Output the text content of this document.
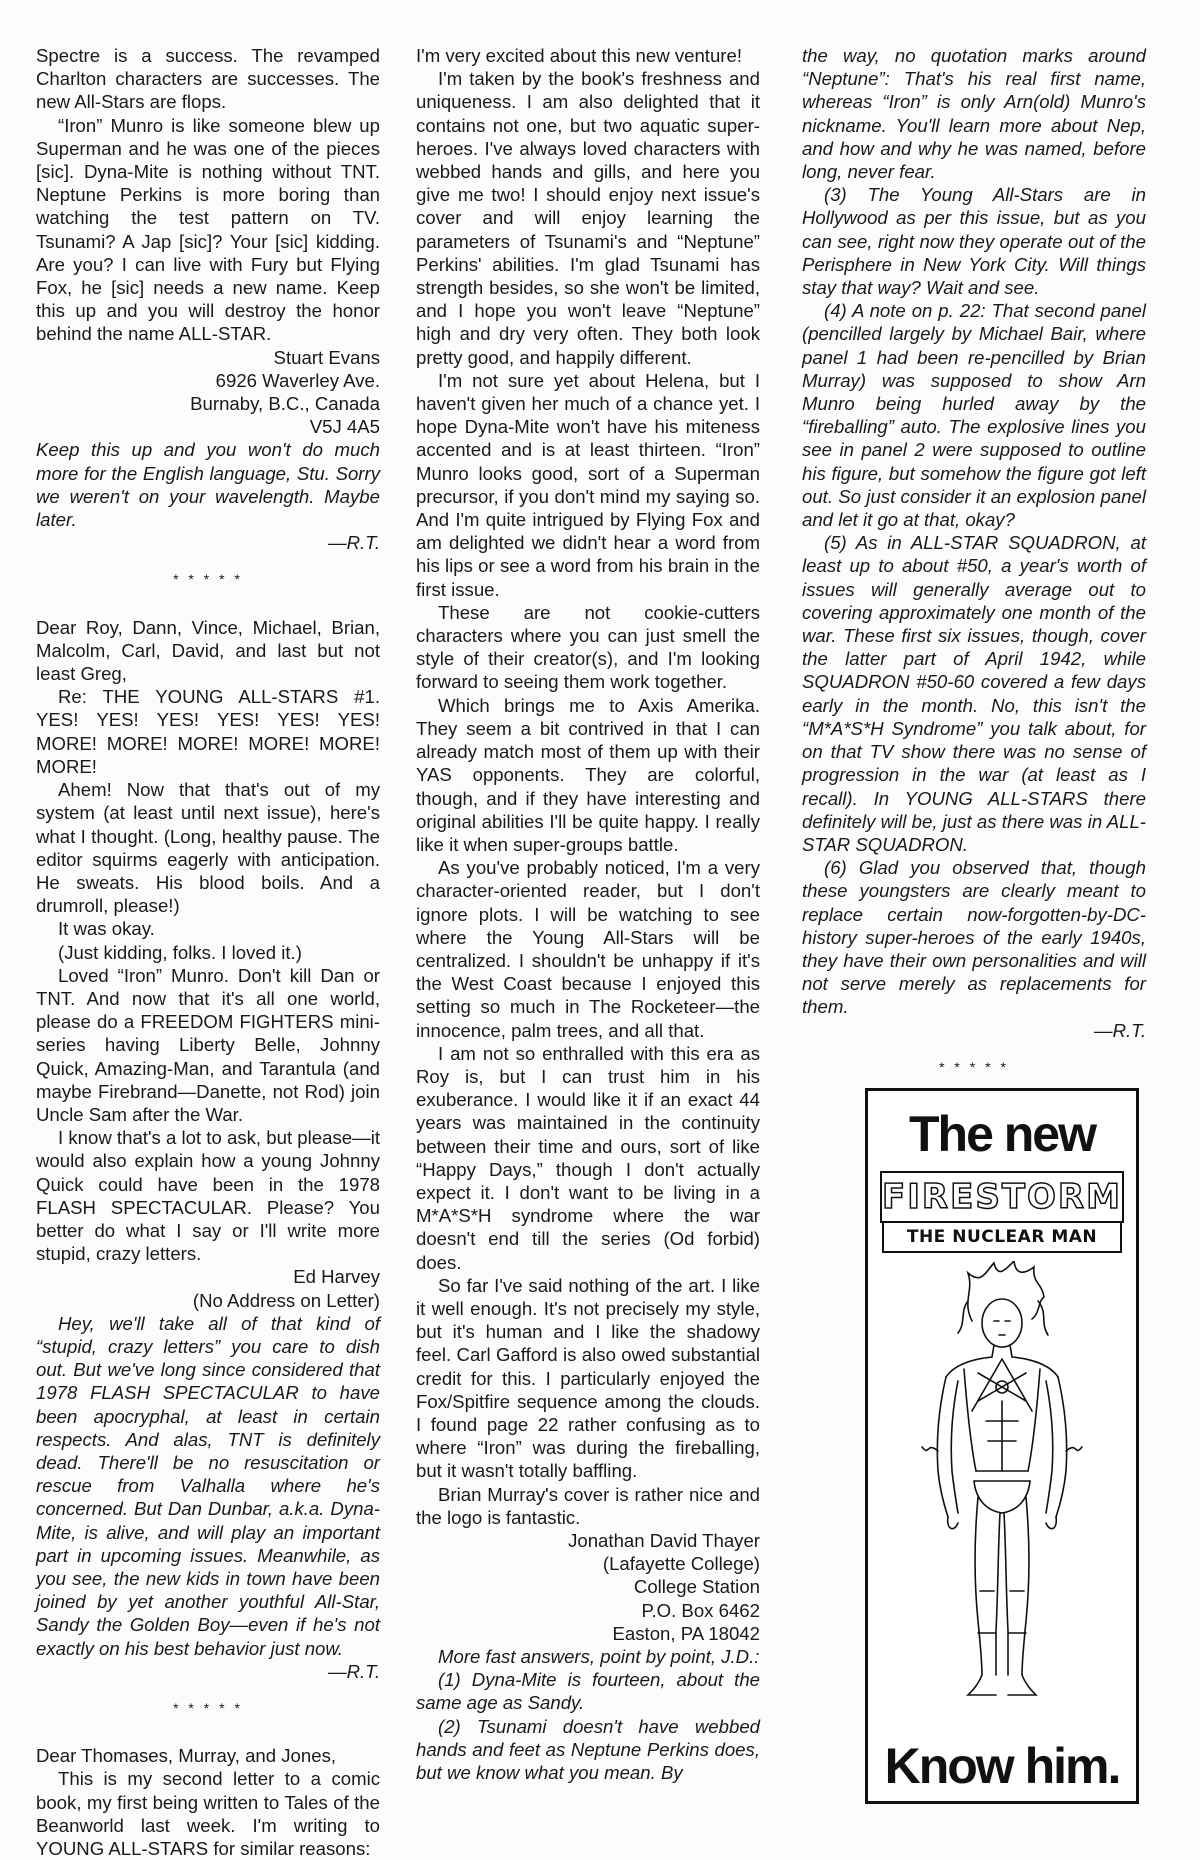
Spectre is a success. The revamped Charlton characters are successes. The new All-Stars are flops.

“Iron” Munro is like someone blew up Superman and he was one of the pieces [sic]. Dyna-Mite is nothing without TNT. Neptune Perkins is more boring than watching the test pattern on TV. Tsunami? A Jap [sic]? Your [sic] kidding. Are you? I can live with Fury but Flying Fox, he [sic] needs a new name. Keep this up and you will destroy the honor behind the name ALL-STAR.

Stuart Evans

6926 Waverley Ave.

Burnaby, B.C., Canada

V5J 4A5

Keep this up and you won't do much more for the English language, Stu. Sorry we weren't on your wavelength. Maybe later.

—R.T.

* * * * *

Dear Roy, Dann, Vince, Michael, Brian, Malcolm, Carl, David, and last but not least Greg,

Re: THE YOUNG ALL-STARS #1. YES! YES! YES! YES! YES! YES! MORE! MORE! MORE! MORE! MORE! MORE!

Ahem! Now that that's out of my system (at least until next issue), here's what I thought. (Long, healthy pause. The editor squirms eagerly with anticipation. He sweats. His blood boils. And a drumroll, please!)

It was okay.

(Just kidding, folks. I loved it.)

Loved “Iron” Munro. Don't kill Dan or TNT. And now that it's all one world, please do a FREEDOM FIGHTERS mini-series having Liberty Belle, Johnny Quick, Amazing-Man, and Tarantula (and maybe Firebrand—Danette, not Rod) join Uncle Sam after the War.

I know that's a lot to ask, but please—it would also explain how a young Johnny Quick could have been in the 1978 FLASH SPECTACULAR. Please? You better do what I say or I'll write more stupid, crazy letters.

Ed Harvey

(No Address on Letter)

Hey, we'll take all of that kind of “stupid, crazy letters” you care to dish out. But we've long since considered that 1978 FLASH SPECTACULAR to have been apocryphal, at least in certain respects. And alas, TNT is definitely dead. There'll be no resuscitation or rescue from Valhalla where he's concerned. But Dan Dunbar, a.k.a. Dyna-Mite, is alive, and will play an important part in upcoming issues. Meanwhile, as you see, the new kids in town have been joined by yet another youthful All-Star, Sandy the Golden Boy—even if he's not exactly on his best behavior just now.

—R.T.

* * * * *

Dear Thomases, Murray, and Jones,

This is my second letter to a comic book, my first being written to Tales of the Beanworld last week. I'm writing to YOUNG ALL-STARS for similar reasons:

I'm very excited about this new venture!

I'm taken by the book's freshness and uniqueness. I am also delighted that it contains not one, but two aquatic super-heroes. I've always loved characters with webbed hands and gills, and here you give me two! I should enjoy next issue's cover and will enjoy learning the parameters of Tsunami's and “Neptune” Perkins' abilities. I'm glad Tsunami has strength besides, so she won't be limited, and I hope you won't leave “Neptune” high and dry very often. They both look pretty good, and happily different.

I'm not sure yet about Helena, but I haven't given her much of a chance yet. I hope Dyna-Mite won't have his miteness accented and is at least thirteen. “Iron” Munro looks good, sort of a Superman precursor, if you don't mind my saying so. And I'm quite intrigued by Flying Fox and am delighted we didn't hear a word from his lips or see a word from his brain in the first issue.

These are not cookie-cutters characters where you can just smell the style of their creator(s), and I'm looking forward to seeing them work together.

Which brings me to Axis Amerika. They seem a bit contrived in that I can already match most of them up with their YAS opponents. They are colorful, though, and if they have interesting and original abilities I'll be quite happy. I really like it when super-groups battle.

As you've probably noticed, I'm a very character-oriented reader, but I don't ignore plots. I will be watching to see where the Young All-Stars will be centralized. I shouldn't be unhappy if it's the West Coast because I enjoyed this setting so much in The Rocketeer—the innocence, palm trees, and all that.

I am not so enthralled with this era as Roy is, but I can trust him in his exuberance. I would like it if an exact 44 years was maintained in the continuity between their time and ours, sort of like “Happy Days,” though I don't actually expect it. I don't want to be living in a M*A*S*H syndrome where the war doesn't end till the series (Od forbid) does.

So far I've said nothing of the art. I like it well enough. It's not precisely my style, but it's human and I like the shadowy feel. Carl Gafford is also owed substantial credit for this. I particularly enjoyed the Fox/Spitfire sequence among the clouds. I found page 22 rather confusing as to where “Iron” was during the fireballing, but it wasn't totally baffling.

Brian Murray's cover is rather nice and the logo is fantastic.

Jonathan David Thayer

(Lafayette College)

College Station

P.O. Box 6462

Easton, PA 18042

More fast answers, point by point, J.D.:

(1) Dyna-Mite is fourteen, about the same age as Sandy.

(2) Tsunami doesn't have webbed hands and feet as Neptune Perkins does, but we know what you mean. By

the way, no quotation marks around “Neptune”: That's his real first name, whereas “Iron” is only Arn(old) Munro's nickname. You'll learn more about Nep, and how and why he was named, before long, never fear.

(3) The Young All-Stars are in Hollywood as per this issue, but as you can see, right now they operate out of the Perisphere in New York City. Will things stay that way? Wait and see.

(4) A note on p. 22: That second panel (pencilled largely by Michael Bair, where panel 1 had been re-pencilled by Brian Murray) was supposed to show Arn Munro being hurled away by the “fireballing” auto. The explosive lines you see in panel 2 were supposed to outline his figure, but somehow the figure got left out. So just consider it an explosion panel and let it go at that, okay?

(5) As in ALL-STAR SQUADRON, at least up to about #50, a year's worth of issues will generally average out to covering approximately one month of the war. These first six issues, though, cover the latter part of April 1942, while SQUADRON #50-60 covered a few days early in the month. No, this isn't the “M*A*S*H Syndrome” you talk about, for on that TV show there was no sense of progression in the war (at least as I recall). In YOUNG ALL-STARS there definitely will be, just as there was in ALL-STAR SQUADRON.

(6) Glad you observed that, though these youngsters are clearly meant to replace certain now-forgotten-by-DC-history super-heroes of the early 1940s, they have their own personalities and will not serve merely as replacements for them.

—R.T.

* * * * *
The new
FIRESTORM
THE NUCLEAR MAN
Know him.
